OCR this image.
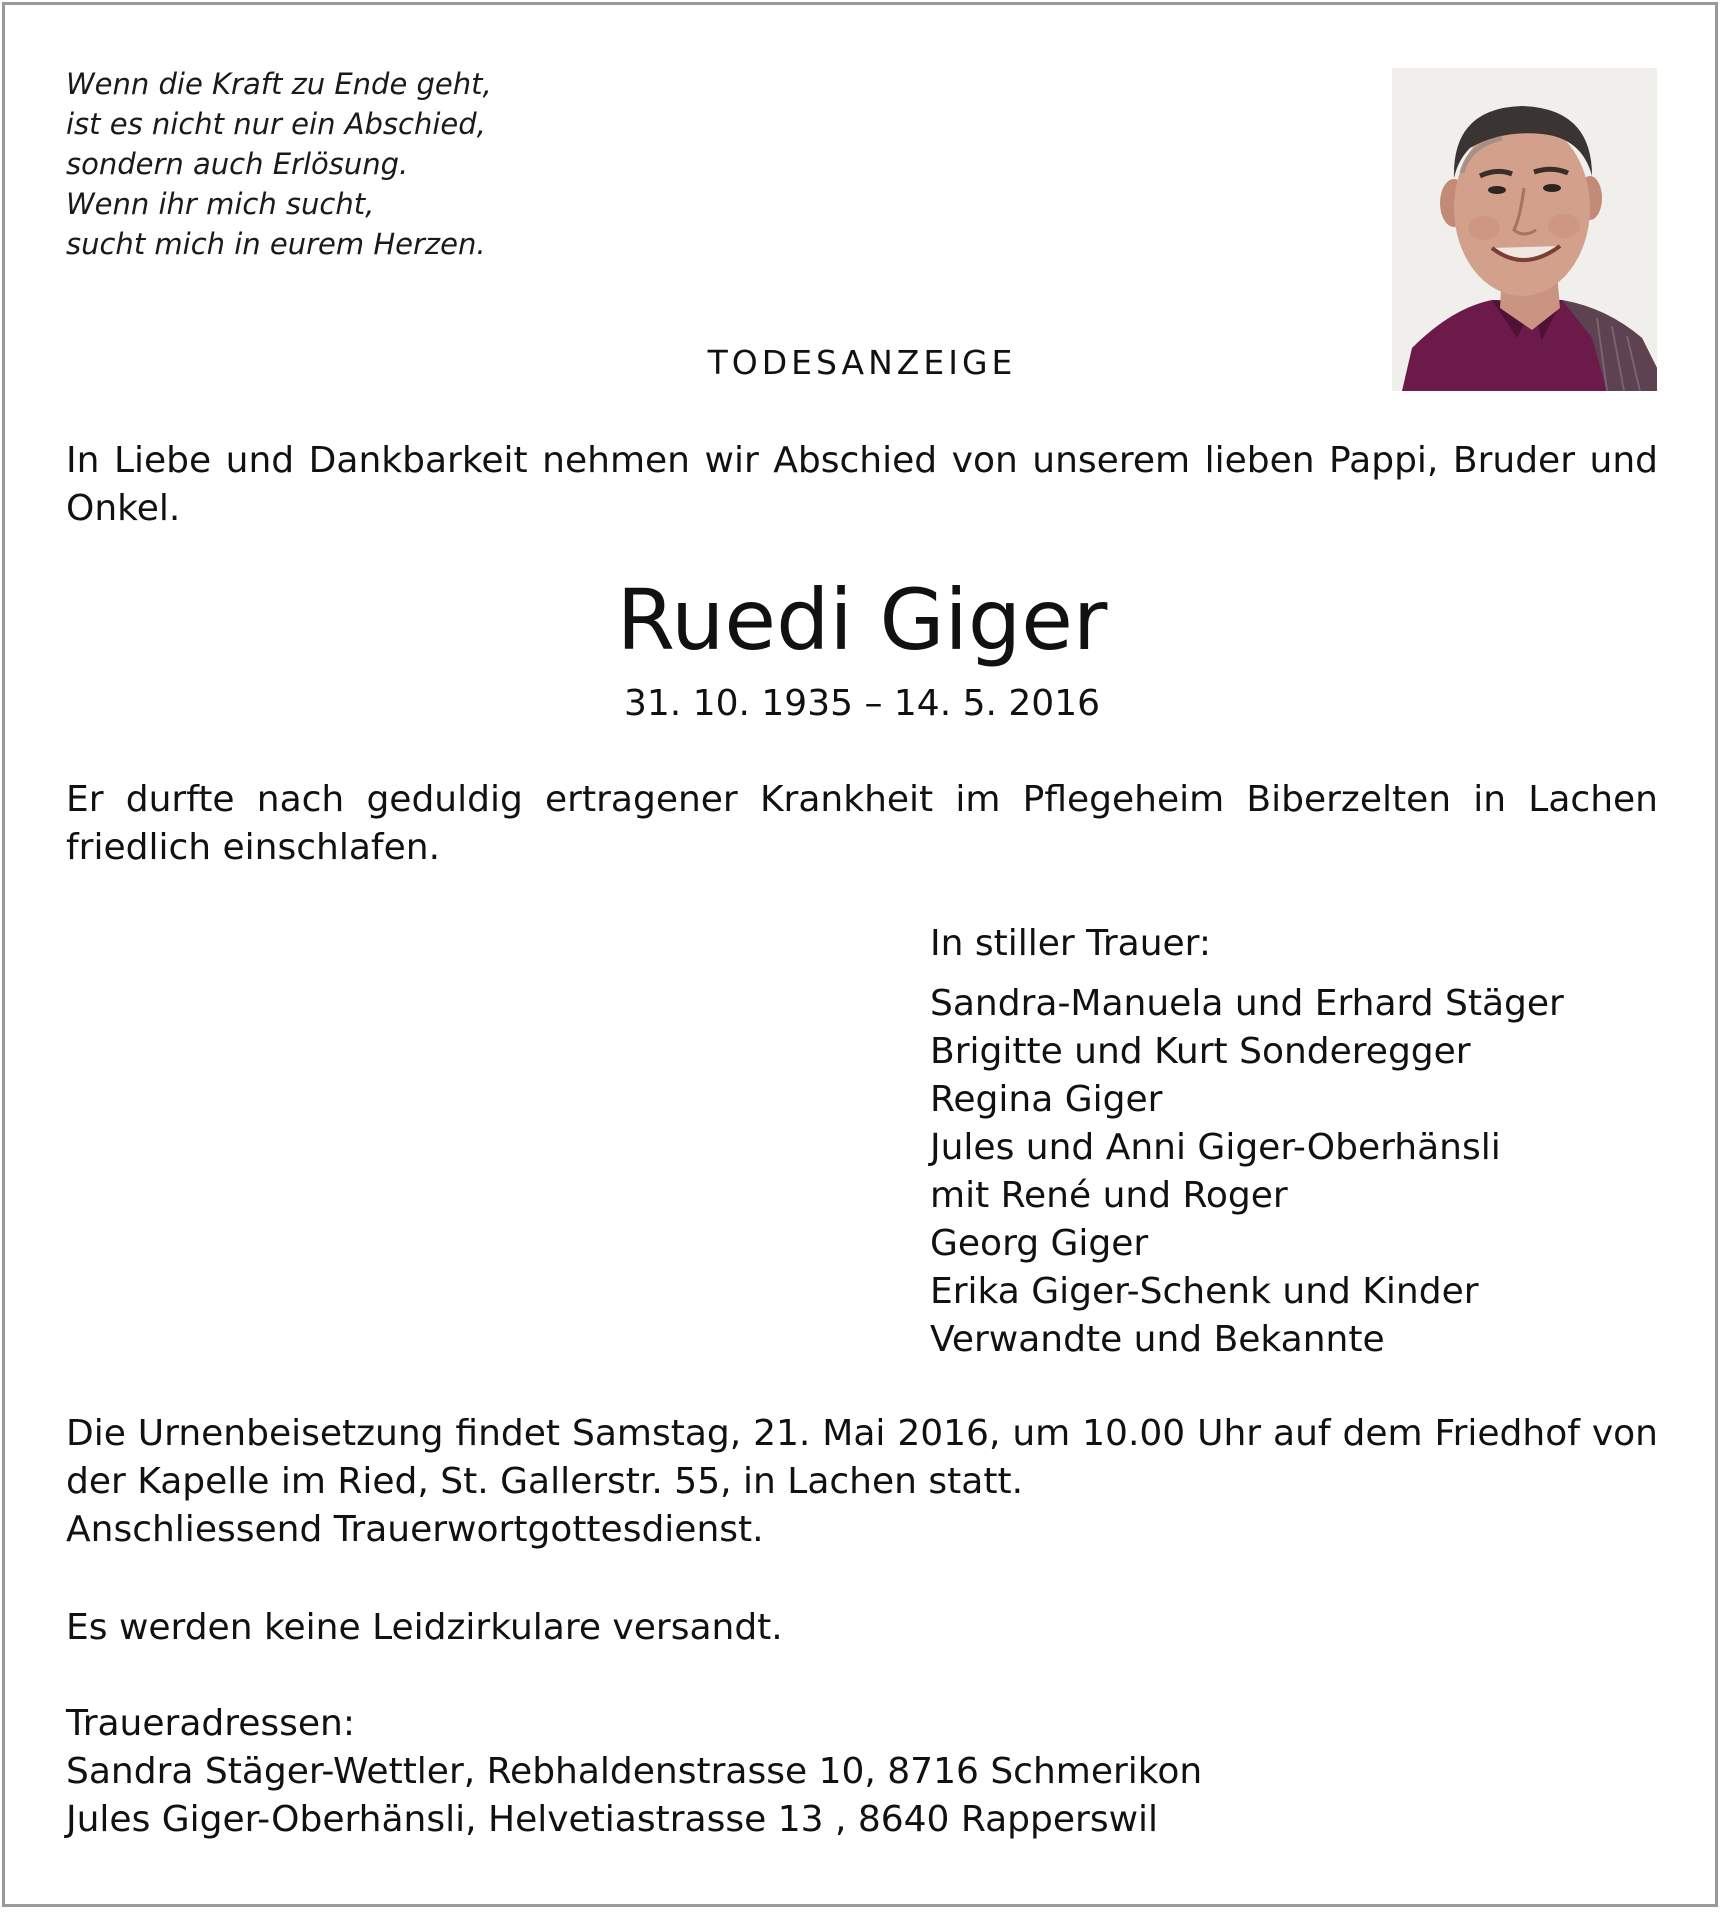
Wenn die Kraft zu Ende geht,
ist es nicht nur ein Abschied,
sondern auch Erlösung.
Wenn ihr mich sucht,
sucht mich in eurem Herzen.
TODESANZEIGE
In Liebe und Dankbarkeit nehmen wir Abschied von unserem lieben Pappi, Bruder und Onkel.
Ruedi Giger
31. 10. 1935 – 14. 5. 2016
Er durfte nach geduldig ertragener Krankheit im Pflegeheim Biberzelten in Lachen friedlich einschlafen.
In stiller Trauer:
Sandra-Manuela und Erhard Stäger
Brigitte und Kurt Sonderegger
Regina Giger
Jules und Anni Giger-Oberhänsli
mit René und Roger
Georg Giger
Erika Giger-Schenk und Kinder
Verwandte und Bekannte
Die Urnenbeisetzung findet Samstag, 21. Mai 2016, um 10.00 Uhr auf dem Friedhof von der Kapelle im Ried, St. Gallerstr. 55, in Lachen statt.
Anschliessend Trauerwortgottesdienst.
Es werden keine Leidzirkulare versandt.
Traueradressen:
Sandra Stäger-Wettler, Rebhaldenstrasse 10, 8716 Schmerikon
Jules Giger-Oberhänsli, Helvetiastrasse 13 , 8640 Rapperswil
